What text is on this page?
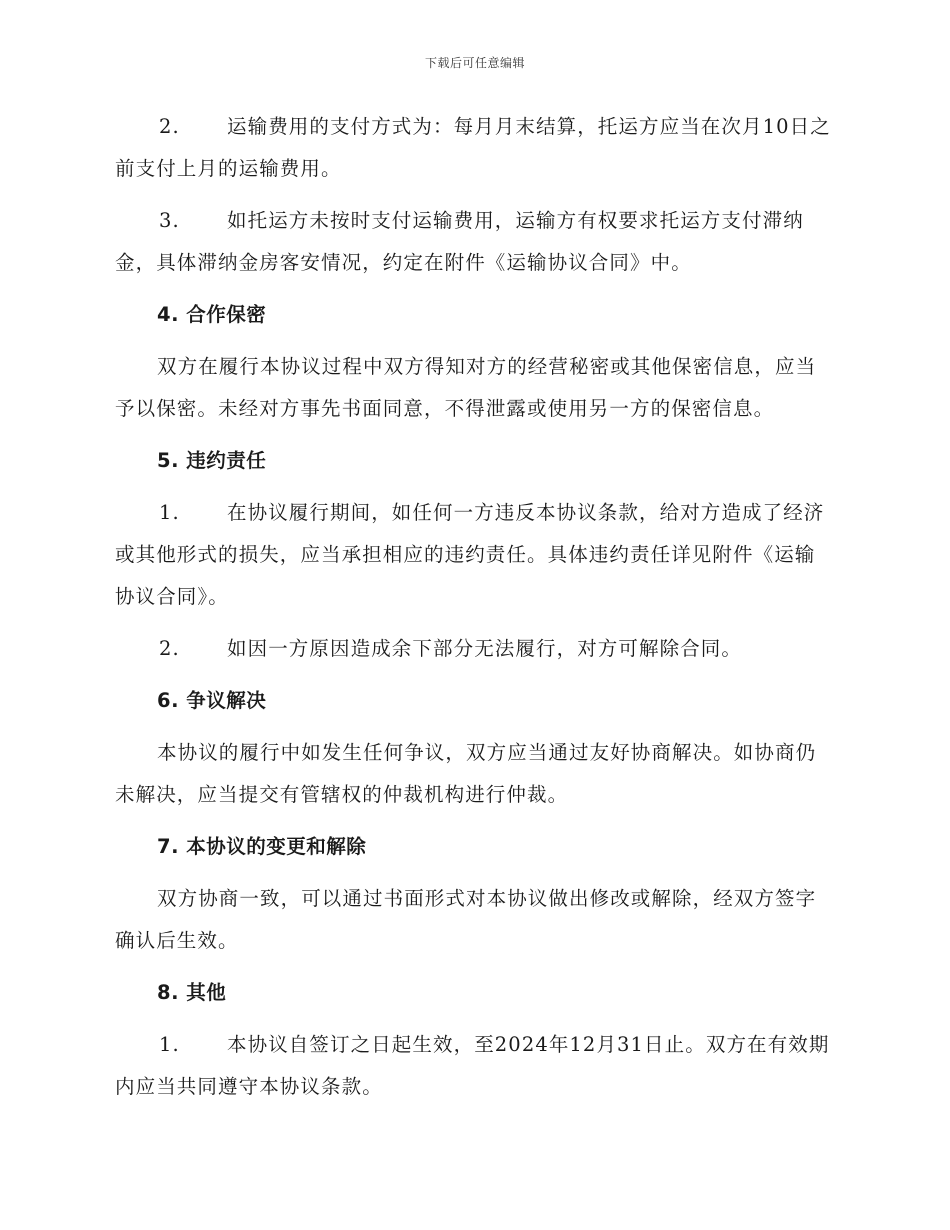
下载后可任意编辑
2. 运输费用的支付方式为：每月月末结算，托运方应当在次月10日之前支付上月的运输费用。
3. 如托运方未按时支付运输费用，运输方有权要求托运方支付滞纳金，具体滞纳金房客安情况，约定在附件《运输协议合同》中。
4. 合作保密
双方在履行本协议过程中双方得知对方的经营秘密或其他保密信息，应当予以保密。未经对方事先书面同意，不得泄露或使用另一方的保密信息。
5. 违约责任
1. 在协议履行期间，如任何一方违反本协议条款，给对方造成了经济或其他形式的损失，应当承担相应的违约责任。具体违约责任详见附件《运输协议合同》。
2. 如因一方原因造成余下部分无法履行，对方可解除合同。
6. 争议解决
本协议的履行中如发生任何争议，双方应当通过友好协商解决。如协商仍未解决，应当提交有管辖权的仲裁机构进行仲裁。
7. 本协议的变更和解除
双方协商一致，可以通过书面形式对本协议做出修改或解除，经双方签字确认后生效。
8. 其他
1. 本协议自签订之日起生效，至2024年12月31日止。双方在有效期内应当共同遵守本协议条款。
